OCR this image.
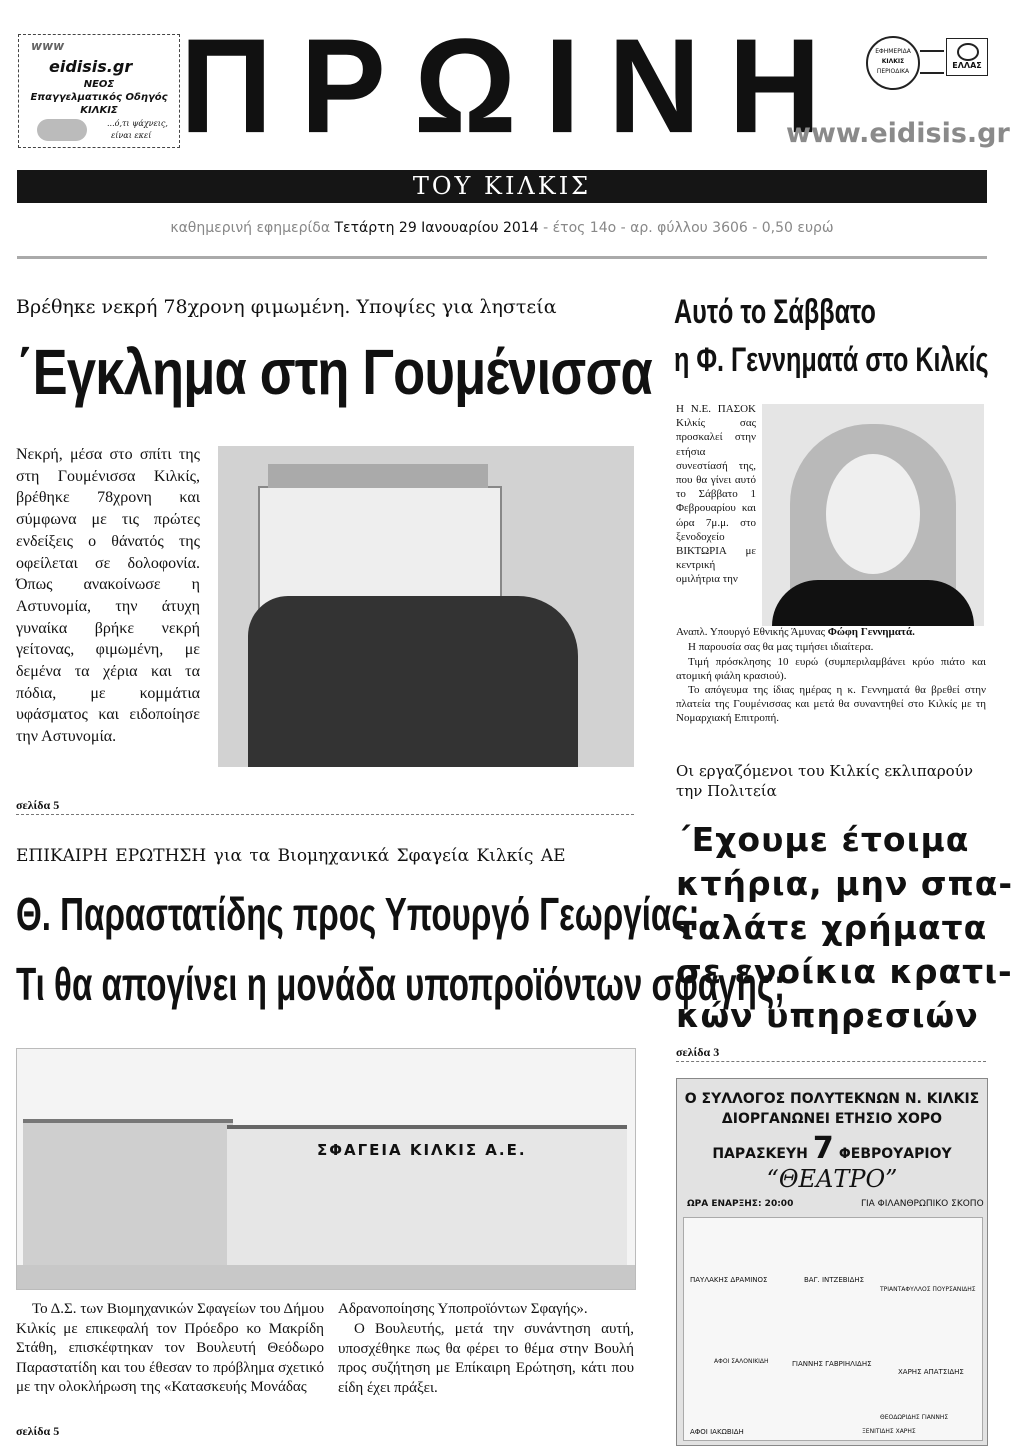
www
eidisis.gr
ΝΕΟΣ
Επαγγελματικός Οδηγός
ΚΙΛΚΙΣ
...ό,τι ψάχνεις,
είναι εκεί ΠΡΩΙΝΗ	ΕΦΗΜΕΡΙΔΑ
ΚΙΛΚΙΣ
ΠΕΡΙΟΔΙΚΑ
ΕΛΛΑΣ
www.eidisis.gr
ΤΟΥ ΚΙΛΚΙΣ
καθημερινή εφημερίδα Τετάρτη 29 Ιανουαρίου 2014 - έτος 14ο - αρ. φύλλου 3606 - 0,50 ευρώ
Βρέθηκε νεκρή 78χρονη φιμωμένη. Υποψίες για ληστεία
΄Εγκλημα στη Γουμένισσα
Νεκρή, μέσα στο σπίτι της στη Γουμένισσα Κιλκίς, βρέθηκε 78χρονη και σύμφωνα με τις πρώτες ενδείξεις ο θάνατός της οφείλεται σε δολοφονία. Όπως ανακοίνωσε η Αστυνομία, την άτυχη γυναίκα βρήκε νεκρή γείτονας, φιμωμένη, με δεμένα τα χέρια και τα πόδια, με κομμάτια υφάσματος και ειδοποίησε την Αστυνομία.
σελίδα 5
Αυτό το Σάββατο
η Φ. Γεννηματά στο Κιλκίς
Η Ν.Ε. ΠΑΣΟΚ Κιλκίς σας προσκαλεί στην ετήσια συνεστίασή της, που θα γίνει αυτό το Σάββατο 1 Φεβρουαρίου και ώρα 7μ.μ. στο ξενοδοχείο ΒΙΚΤΩΡΙΑ με κεντρική ομιλήτρια την
Αναπλ. Υπουργό Εθνικής Άμυνας Φώφη Γεννηματά.
Η παρουσία σας θα μας τιμήσει ιδιαίτερα.
Τιμή πρόσκλησης 10 ευρώ (συμπεριλαμβάνει κρύο πιάτο και ατομική φιάλη κρασιού).
Το απόγευμα της ίδιας ημέρας η κ. Γεννηματά θα βρεθεί στην πλατεία της Γουμένισσας και μετά θα συναντηθεί στο Κιλκίς με τη Νομαρχιακή Επιτροπή.
Οι εργαζόμενοι του Κιλκίς εκλιπαρούν
την Πολιτεία
΄Εχουμε έτοιμα
κτήρια, μην σπα-
ταλάτε χρήματα
σε ενοίκια κρατι-
κών υπηρεσιών
σελίδα 3
ΕΠΙΚΑΙΡΗ ΕΡΩΤΗΣΗ για τα Βιομηχανικά Σφαγεία Κιλκίς ΑΕ
Θ. Παραστατίδης προς Υπουργό Γεωργίας:
Τι θα απογίνει η μονάδα υποπροϊόντων σφαγής;
ΣΦΑΓΕΙΑ ΚΙΛΚΙΣ Α.Ε.
Το Δ.Σ. των Βιομηχανικών Σφαγείων του Δήμου Κιλκίς με επικεφαλή τον Πρόεδρο κο Μακρίδη Στάθη, επισκέφτηκαν τον Βουλευτή Θεόδωρο Παραστατίδη και του έθεσαν το πρόβλημα σχετικό με την ολοκλήρωση της «Κατασκευής Μονάδας
Αδρανοποίησης Υποπροϊόντων Σφαγής».
Ο Βουλευτής, μετά την συνάντηση αυτή, υποσχέθηκε πως θα φέρει το θέμα στην Βουλή προς συζήτηση με Επίκαιρη Ερώτηση, κάτι που είδη έχει πράξει.
σελίδα 5
Ο ΣΥΛΛΟΓΟΣ ΠΟΛΥΤΕΚΝΩΝ Ν. ΚΙΛΚΙΣ
ΔΙΟΡΓΑΝΩΝΕΙ ΕΤΗΣΙΟ ΧΟΡΟ
ΠΑΡΑΣΚΕΥΗ 7 ΦΕΒΡΟΥΑΡΙΟΥ
“ΘΕΑΤΡΟ”
ΩΡΑ ΕΝΑΡΞΗΣ: 20:00	ΓΙΑ ΦΙΛΑΝΘΡΩΠΙΚΟ ΣΚΟΠΟ
ΠΑΥΛΑΚΗΣ ΔΡΑΜΙΝΟΣ	ΒΑΓ. ΙΝΤΖΕΒΙΔΗΣ
ΤΡΙΑΝΤΑΦΥΛΛΟΣ ΠΟΥΡΣΑΝΙΔΗΣ
ΑΦΟΙ ΣΑΛΟΝΙΚΙΔΗ	ΓΙΑΝΝΗΣ ΓΑΒΡΙΗΛΙΔΗΣ
ΧΑΡΗΣ ΑΠΑΤΣΙΔΗΣ
ΑΦΟΙ ΙΑΚΩΒΙΔΗ
ΘΕΟΔΩΡΙΔΗΣ ΓΙΑΝΝΗΣ
ΞΕΝΙΤΙΔΗΣ ΧΑΡΗΣ
